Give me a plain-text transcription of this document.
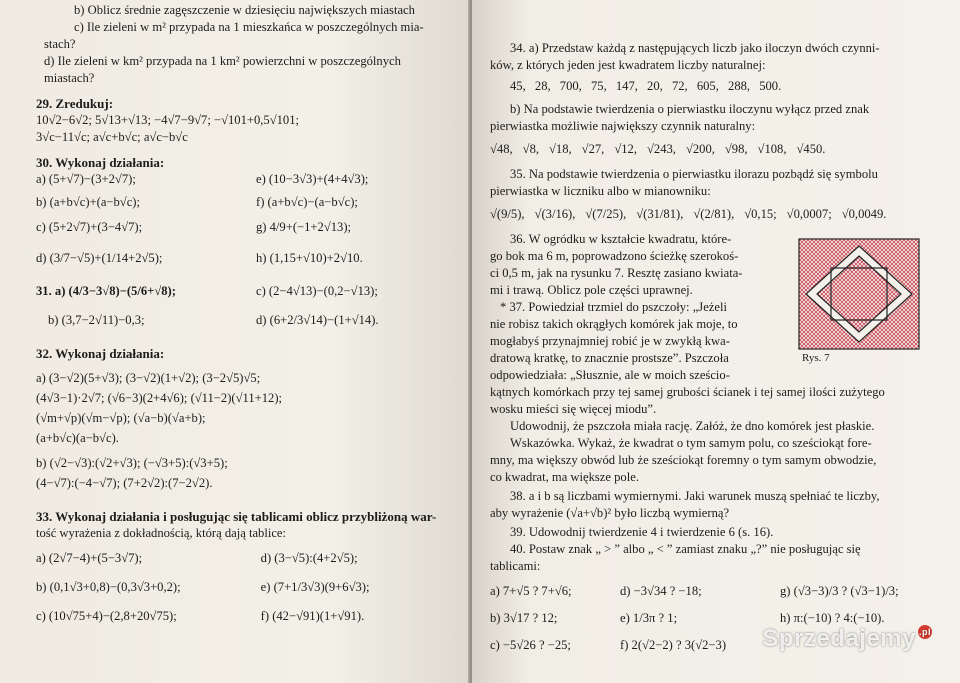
b) Oblicz średnie zagęszczenie w dziesięciu największych miastach
c) Ile zieleni w m² przypada na 1 mieszkańca w poszczególnych mia-
stach?
d) Ile zieleni w km² przypada na 1 km² powierzchni w poszczególnych
miastach?
29. Zredukuj:
10√2−6√2; 5√13+√13; −4√7−9√7; −√101+0,5√101;
3√c−11√c; a√c+b√c; a√c−b√c
30. Wykonaj działania:
a) (5+√7)−(3+2√7);	e) (10−3√3)+(4+4√3);
b) (a+b√c)+(a−b√c);	f) (a+b√c)−(a−b√c);
c) (5+2√7)+(3−4√7);	g) 4/9+(−1+2√13);
d) (3/7−√5)+(1/14+2√5);	h) (1,15+√10)+2√10.
31. a) (4/3−3√8)−(5/6+√8);	c) (2−4√13)−(0,2−√13);
b) (3,7−2√11)−0,3;	d) (6+2/3√14)−(1+√14).
32. Wykonaj działania:
a) (3−√2)(5+√3); (3−√2)(1+√2); (3−2√5)√5;
(4√3−1)·2√7; (√6−3)(2+4√6); (√11−2)(√11+12);
(√m+√p)(√m−√p); (√a−b)(√a+b);
(a+b√c)(a−b√c).
b) (√2−√3):(√2+√3); (−√3+5):(√3+5);
(4−√7):(−4−√7); (7+2√2):(7−2√2).
33. Wykonaj działania i posługując się tablicami oblicz przybliżoną war-
tość wyrażenia z dokładnością, którą dają tablice:
a) (2√7−4)+(5−3√7);	d) (3−√5):(4+2√5);
b) (0,1√3+0,8)−(0,3√3+0,2);	e) (7+1/3√3)(9+6√3);
c) (10√75+4)−(2,8+20√75);	f) (42−√91)(1+√91).
34. a) Przedstaw każdą z następujących liczb jako iloczyn dwóch czynni-
ków, z których jeden jest kwadratem liczby naturalnej:
45, 28, 700, 75, 147, 20, 72, 605, 288, 500.
b) Na podstawie twierdzenia o pierwiastku iloczynu wyłącz przed znak
pierwiastka możliwie największy czynnik naturalny:
√48, √8, √18, √27, √12, √243, √200, √98, √108, √450.
35. Na podstawie twierdzenia o pierwiastku ilorazu pozbądź się symbolu
pierwiastka w liczniku albo w mianowniku:
√(9/5), √(3/16), √(7/25), √(31/81), √(2/81), √0,15; √0,0007; √0,0049.
36. W ogródku w kształcie kwadratu, które-
go bok ma 6 m, poprowadzono ścieżkę szerokoś-
ci 0,5 m, jak na rysunku 7. Resztę zasiano kwiata-
mi i trawą. Oblicz pole części uprawnej.
* 37. Powiedział trzmiel do pszczoły: „Jeżeli
nie robisz takich okrągłych komórek jak moje, to
mogłabyś przynajmniej robić je w zwykłą kwa-
dratową kratkę, to znacznie prostsze”. Pszczoła
odpowiedziała: „Słusznie, ale w moich sześcio-
kątnych komórkach przy tej samej grubości ścianek i tej samej ilości zużytego
wosku mieści się więcej miodu”.
Udowodnij, że pszczoła miała rację. Załóż, że dno komórek jest płaskie.
Wskazówka. Wykaż, że kwadrat o tym samym polu, co sześciokąt fore-
mny, ma większy obwód lub że sześciokąt foremny o tym samym obwodzie,
co kwadrat, ma większe pole.
38. a i b są liczbami wymiernymi. Jaki warunek muszą spełniać te liczby,
aby wyrażenie (√a+√b)² było liczbą wymierną?
39. Udowodnij twierdzenie 4 i twierdzenie 6 (s. 16).
40. Postaw znak „ > ” albo „ < ” zamiast znaku „?” nie posługując się
tablicami:
a) 7+√5 ? 7+√6;	d) −3√34 ? −18;	g) (√3−3)/3 ? (√3−1)/3;
b) 3√17 ? 12;	e) 1/3π ? 1;	h) π:(−10) ? 4:(−10).
c) −5√26 ? −25;	f) 2(√2−2) ? 3(√2−3)
Rys. 7
Sprzedajemy .pl
